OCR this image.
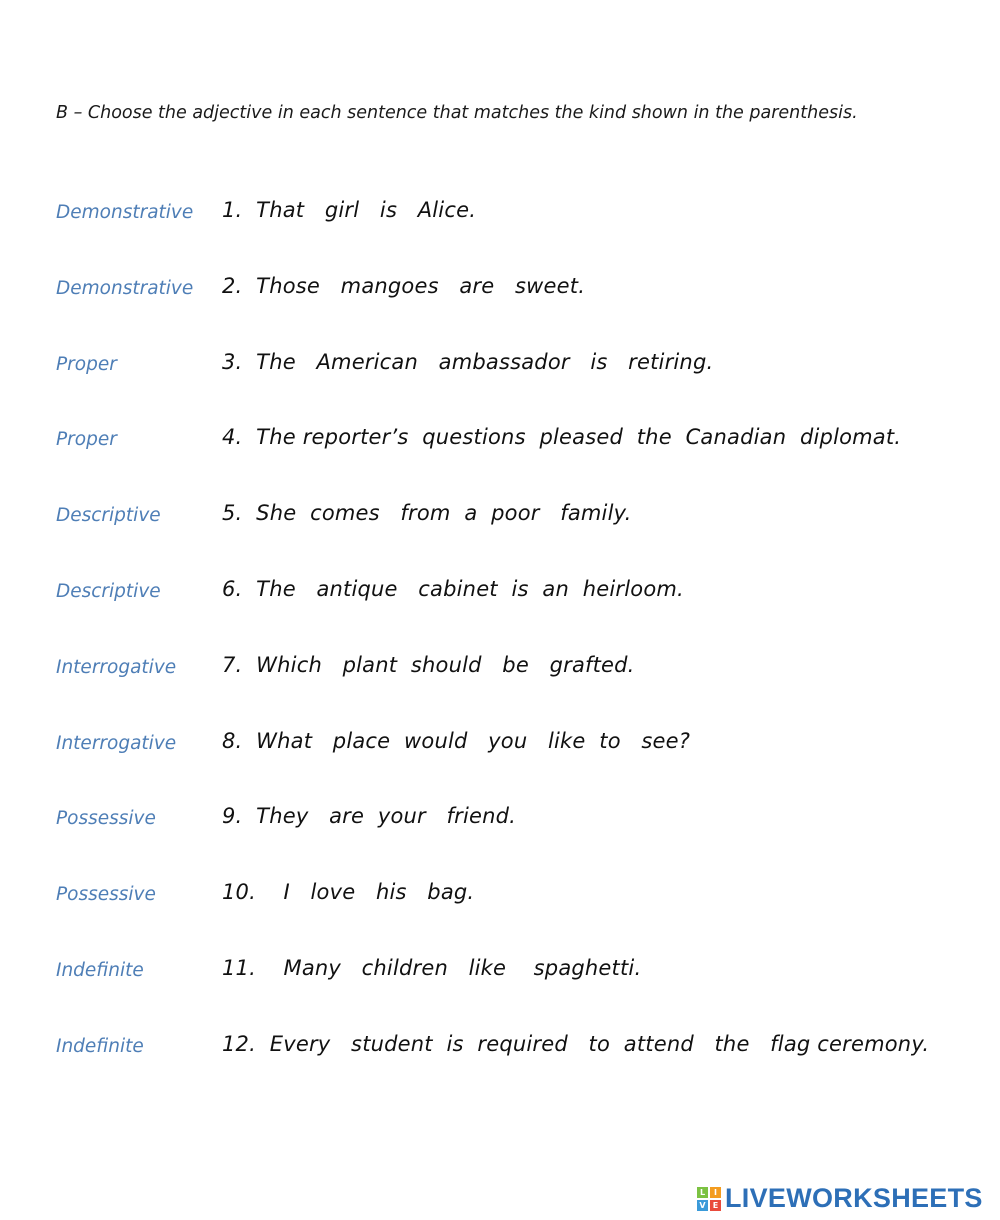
B – Choose the adjective in each sentence that matches the kind shown in the parenthesis.
Demonstrative 1.  That   girl   is   Alice.
Demonstrative 2.  Those   mangoes   are   sweet.
Proper	3.  The   American   ambassador   is   retiring.
Proper	4.  The reporter’s  questions  pleased  the  Canadian  diplomat.
Descriptive	5.  She  comes   from  a  poor   family.
Descriptive	6.  The   antique   cabinet  is  an  heirloom.
Interrogative 7.  Which   plant  should   be   grafted.
Interrogative 8.  What   place  would   you   like  to   see?
Possessive	9.  They   are  your   friend.
Possessive	10.    I   love   his   bag.
Indefinite	11.    Many   children   like    spaghetti.
Indefinite	12.  Every   student  is  required   to  attend   the   flag ceremony.
L	I
V E LIVEWORKSHEETS
